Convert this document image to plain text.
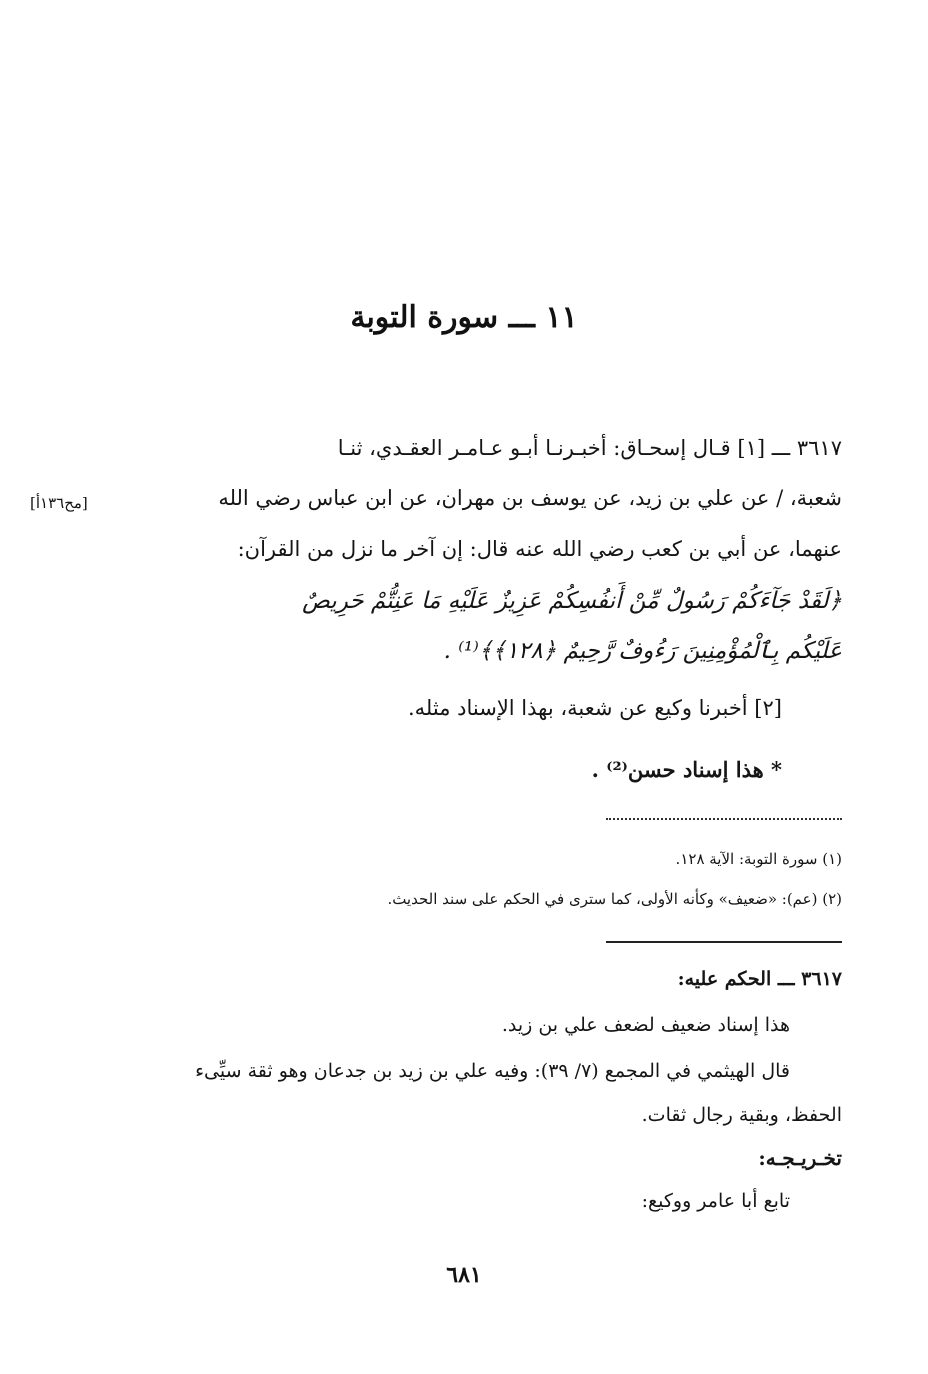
١١ ـــ سورة التوبة
٣٦١٧ ـــ [١] قـال إسحـاق: أخبـرنـا أبـو عـامـر العقـدي، ثنـا
شعبة، / عن علي بن زيد، عن يوسف بن مهران، عن ابن عباس رضي الله
[مح١٣٦أ]
عنهما، عن أبي بن كعب رضي الله عنه قال: إن آخر ما نزل من القرآن:
﴿لَقَدْ جَآءَكُمْ رَسُولٌ مِّنْ أَنفُسِكُمْ عَزِيزٌ عَلَيْهِ مَا عَنِتُّمْ حَرِيصٌ
عَلَيْكُم بِٱلْمُؤْمِنِينَ رَءُوفٌ رَّحِيمٌ ﴿١٢٨﴾﴾⁽¹⁾ .
[٢] أخبرنا وكيع عن شعبة، بهذا الإسناد مثله.
* هذا إسناد حسن⁽²⁾ .
(١) سورة التوبة: الآية ١٢٨.
(٢) (عم): «ضعيف» وكأنه الأولى، كما سترى في الحكم على سند الحديث.
٣٦١٧ ـــ الحكم عليه:
هذا إسناد ضعيف لضعف علي بن زيد.
قال الهيثمي في المجمع (٧/ ٣٩): وفيه علي بن زيد بن جدعان وهو ثقة سيِّىء
الحفظ، وبقية رجال ثقات.
تخـريـجـه:
تابع أبا عامر ووكيع:
٦٨١
